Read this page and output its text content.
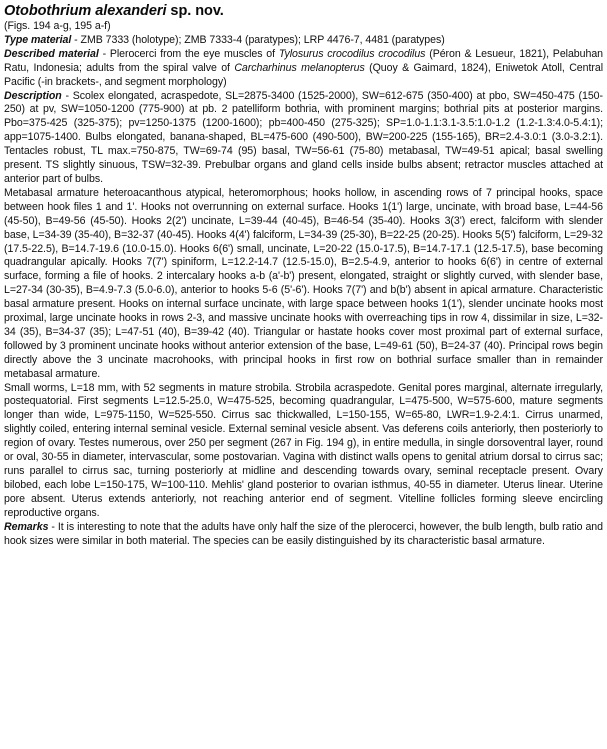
Otobothrium alexanderi sp. nov.

(Figs. 194 a-g, 195 a-f)

Type material - ZMB 7333 (holotype); ZMB 7333-4 (paratypes); LRP 4476-7, 4481 (paratypes)

Described material - Plerocerci from the eye muscles of Tylosurus crocodilus crocodilus (Péron & Lesueur, 1821), Pelabuhan Ratu, Indonesia; adults from the spiral valve of Carcharhinus melanopterus (Quoy & Gaimard, 1824), Eniwetok Atoll, Central Pacific (-in brackets-, and segment morphology)

Description - Scolex elongated, acraspedote, SL=2875-3400 (1525-2000), SW=612-675 (350-400) at pbo, SW=450-475 (150-250) at pv, SW=1050-1200 (775-900) at pb. 2 patelliform bothria, with prominent margins; bothrial pits at posterior margins. Pbo=375-425 (325-375); pv=1250-1375 (1200-1600); pb=400-450 (275-325); SP=1.0-1.1:3.1-3.5:1.0-1.2 (1.2-1.3:4.0-5.4:1); app=1075-1400. Bulbs elongated, banana-shaped, BL=475-600 (490-500), BW=200-225 (155-165), BR=2.4-3.0:1 (3.0-3.2:1). Tentacles robust, TL max.=750-875, TW=69-74 (95) basal, TW=56-61 (75-80) metabasal, TW=49-51 apical; basal swelling present. TS slightly sinuous, TSW=32-39. Prebulbar organs and gland cells inside bulbs absent; retractor muscles attached at anterior part of bulbs.

Metabasal armature heteroacanthous atypical, heteromorphous; hooks hollow, in ascending rows of 7 principal hooks, space between hook files 1 and 1'. Hooks not overrunning on external surface. Hooks 1(1') large, uncinate, with broad base, L=44-56 (45-50), B=49-56 (45-50). Hooks 2(2') uncinate, L=39-44 (40-45), B=46-54 (35-40). Hooks 3(3') erect, falciform with slender base, L=34-39 (35-40), B=32-37 (40-45). Hooks 4(4') falciform, L=34-39 (25-30), B=22-25 (20-25). Hooks 5(5') falciform, L=29-32 (17.5-22.5), B=14.7-19.6 (10.0-15.0). Hooks 6(6') small, uncinate, L=20-22 (15.0-17.5), B=14.7-17.1 (12.5-17.5), base becoming quadrangular apically. Hooks 7(7') spiniform, L=12.2-14.7 (12.5-15.0), B=2.5-4.9, anterior to hooks 6(6') in centre of external surface, forming a file of hooks. 2 intercalary hooks a-b (a'-b') present, elongated, straight or slightly curved, with slender base, L=27-34 (30-35), B=4.9-7.3 (5.0-6.0), anterior to hooks 5-6 (5'-6'). Hooks 7(7') and b(b') absent in apical armature. Characteristic basal armature present. Hooks on internal surface uncinate, with large space between hooks 1(1'), slender uncinate hooks most proximal, large uncinate hooks in rows 2-3, and massive uncinate hooks with overreaching tips in row 4, dissimilar in size, L=32-34 (35), B=34-37 (35); L=47-51 (40), B=39-42 (40). Triangular or hastate hooks cover most proximal part of external surface, followed by 3 prominent uncinate hooks without anterior extension of the base, L=49-61 (50), B=24-37 (40). Principal rows begin directly above the 3 uncinate macrohooks, with principal hooks in first row on bothrial surface smaller than in remainder metabasal armature.

Small worms, L=18 mm, with 52 segments in mature strobila. Strobila acraspedote. Genital pores marginal, alternate irregularly, postequatorial. First segments L=12.5-25.0, W=475-525, becoming quadrangular, L=475-500, W=575-600, mature segments longer than wide, L=975-1150, W=525-550. Cirrus sac thickwalled, L=150-155, W=65-80, LWR=1.9-2.4:1. Cirrus unarmed, slightly coiled, entering internal seminal vesicle. External seminal vesicle absent. Vas deferens coils anteriorly, then posteriorly to region of ovary. Testes numerous, over 250 per segment (267 in Fig. 194 g), in entire medulla, in single dorsoventral layer, round or oval, 30-55 in diameter, intervascular, some postovarian. Vagina with distinct walls opens to genital atrium dorsal to cirrus sac; runs parallel to cirrus sac, turning posteriorly at midline and descending towards ovary, seminal receptacle present. Ovary bilobed, each lobe L=150-175, W=100-110. Mehlis' gland posterior to ovarian isthmus, 40-55 in diameter. Uterus linear. Uterine pore absent. Uterus extends anteriorly, not reaching anterior end of segment. Vitelline follicles forming sleeve encircling reproductive organs.

Remarks - It is interesting to note that the adults have only half the size of the plerocerci, however, the bulb length, bulb ratio and hook sizes were similar in both material. The species can be easily distinguished by its characteristic basal armature.
